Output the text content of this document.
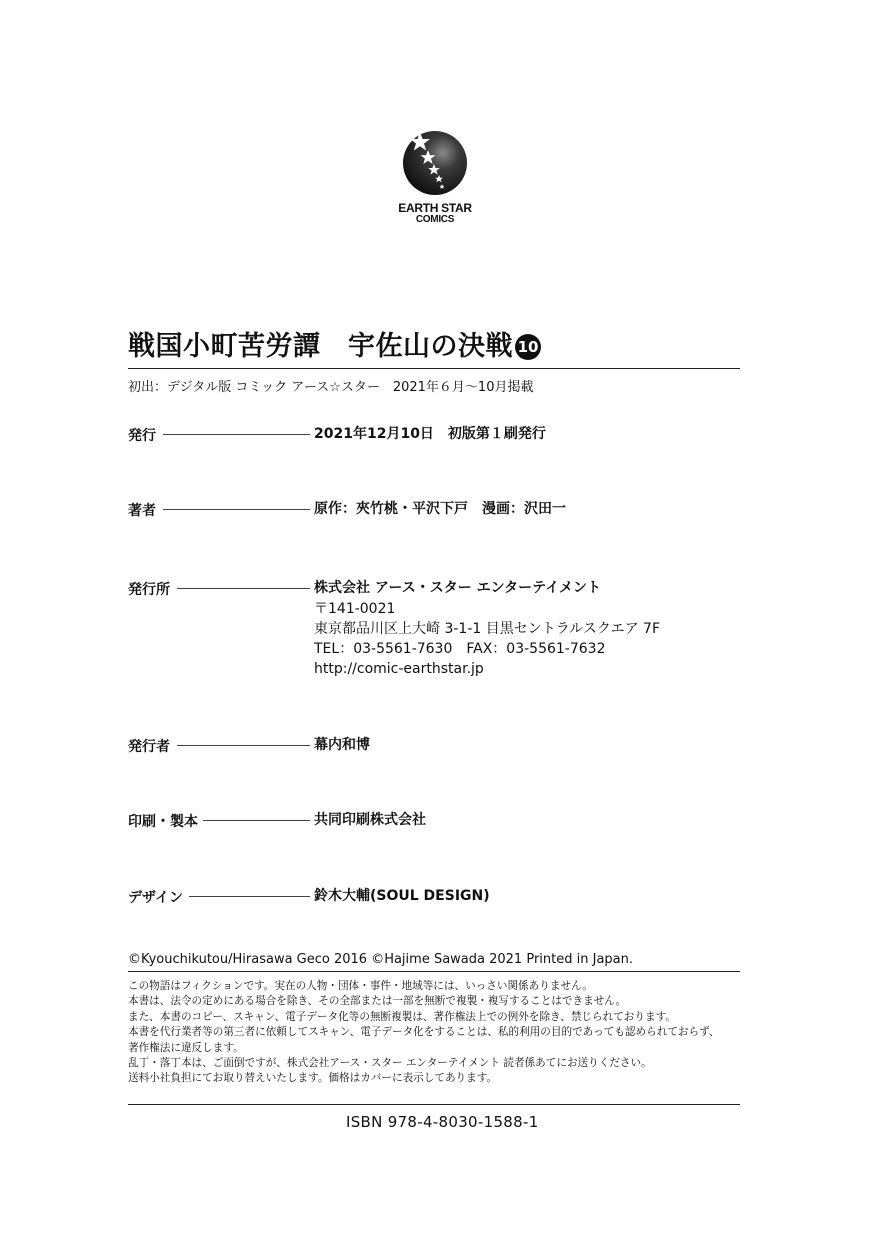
EARTH STAR
COMICS
戦国小町苦労譚　宇佐山の決戦 10
初出：デジタル版 コミック アース☆スター　2021年６月～10月掲載
発行	2021年12月10日　初版第１刷発行
著者	原作：夾竹桃・平沢下戸　漫画：沢田一
発行所	株式会社 アース・スター エンターテイメント
〒141-0021
東京都品川区上大崎 3-1-1 目黒セントラルスクエア 7F
TEL：03-5561-7630　FAX：03-5561-7632
http://comic-earthstar.jp
発行者	幕内和博
印刷・製本	共同印刷株式会社
デザイン	鈴木大輔(SOUL DESIGN)
©Kyouchikutou/Hirasawa Geco 2016 ©Hajime Sawada 2021 Printed in Japan.
この物語はフィクションです。実在の人物・団体・事件・地域等には、いっさい関係ありません。
本書は、法令の定めにある場合を除き、その全部または一部を無断で複製・複写することはできません。
また、本書のコピー、スキャン、電子データ化等の無断複製は、著作権法上での例外を除き、禁じられております。
本書を代行業者等の第三者に依頼してスキャン、電子データ化をすることは、私的利用の目的であっても認められておらず、
著作権法に違反します。
乱丁・落丁本は、ご面倒ですが、株式会社アース・スター エンターテイメント 読者係あてにお送りください。
送料小社負担にてお取り替えいたします。価格はカバーに表示してあります。
ISBN 978-4-8030-1588-1
